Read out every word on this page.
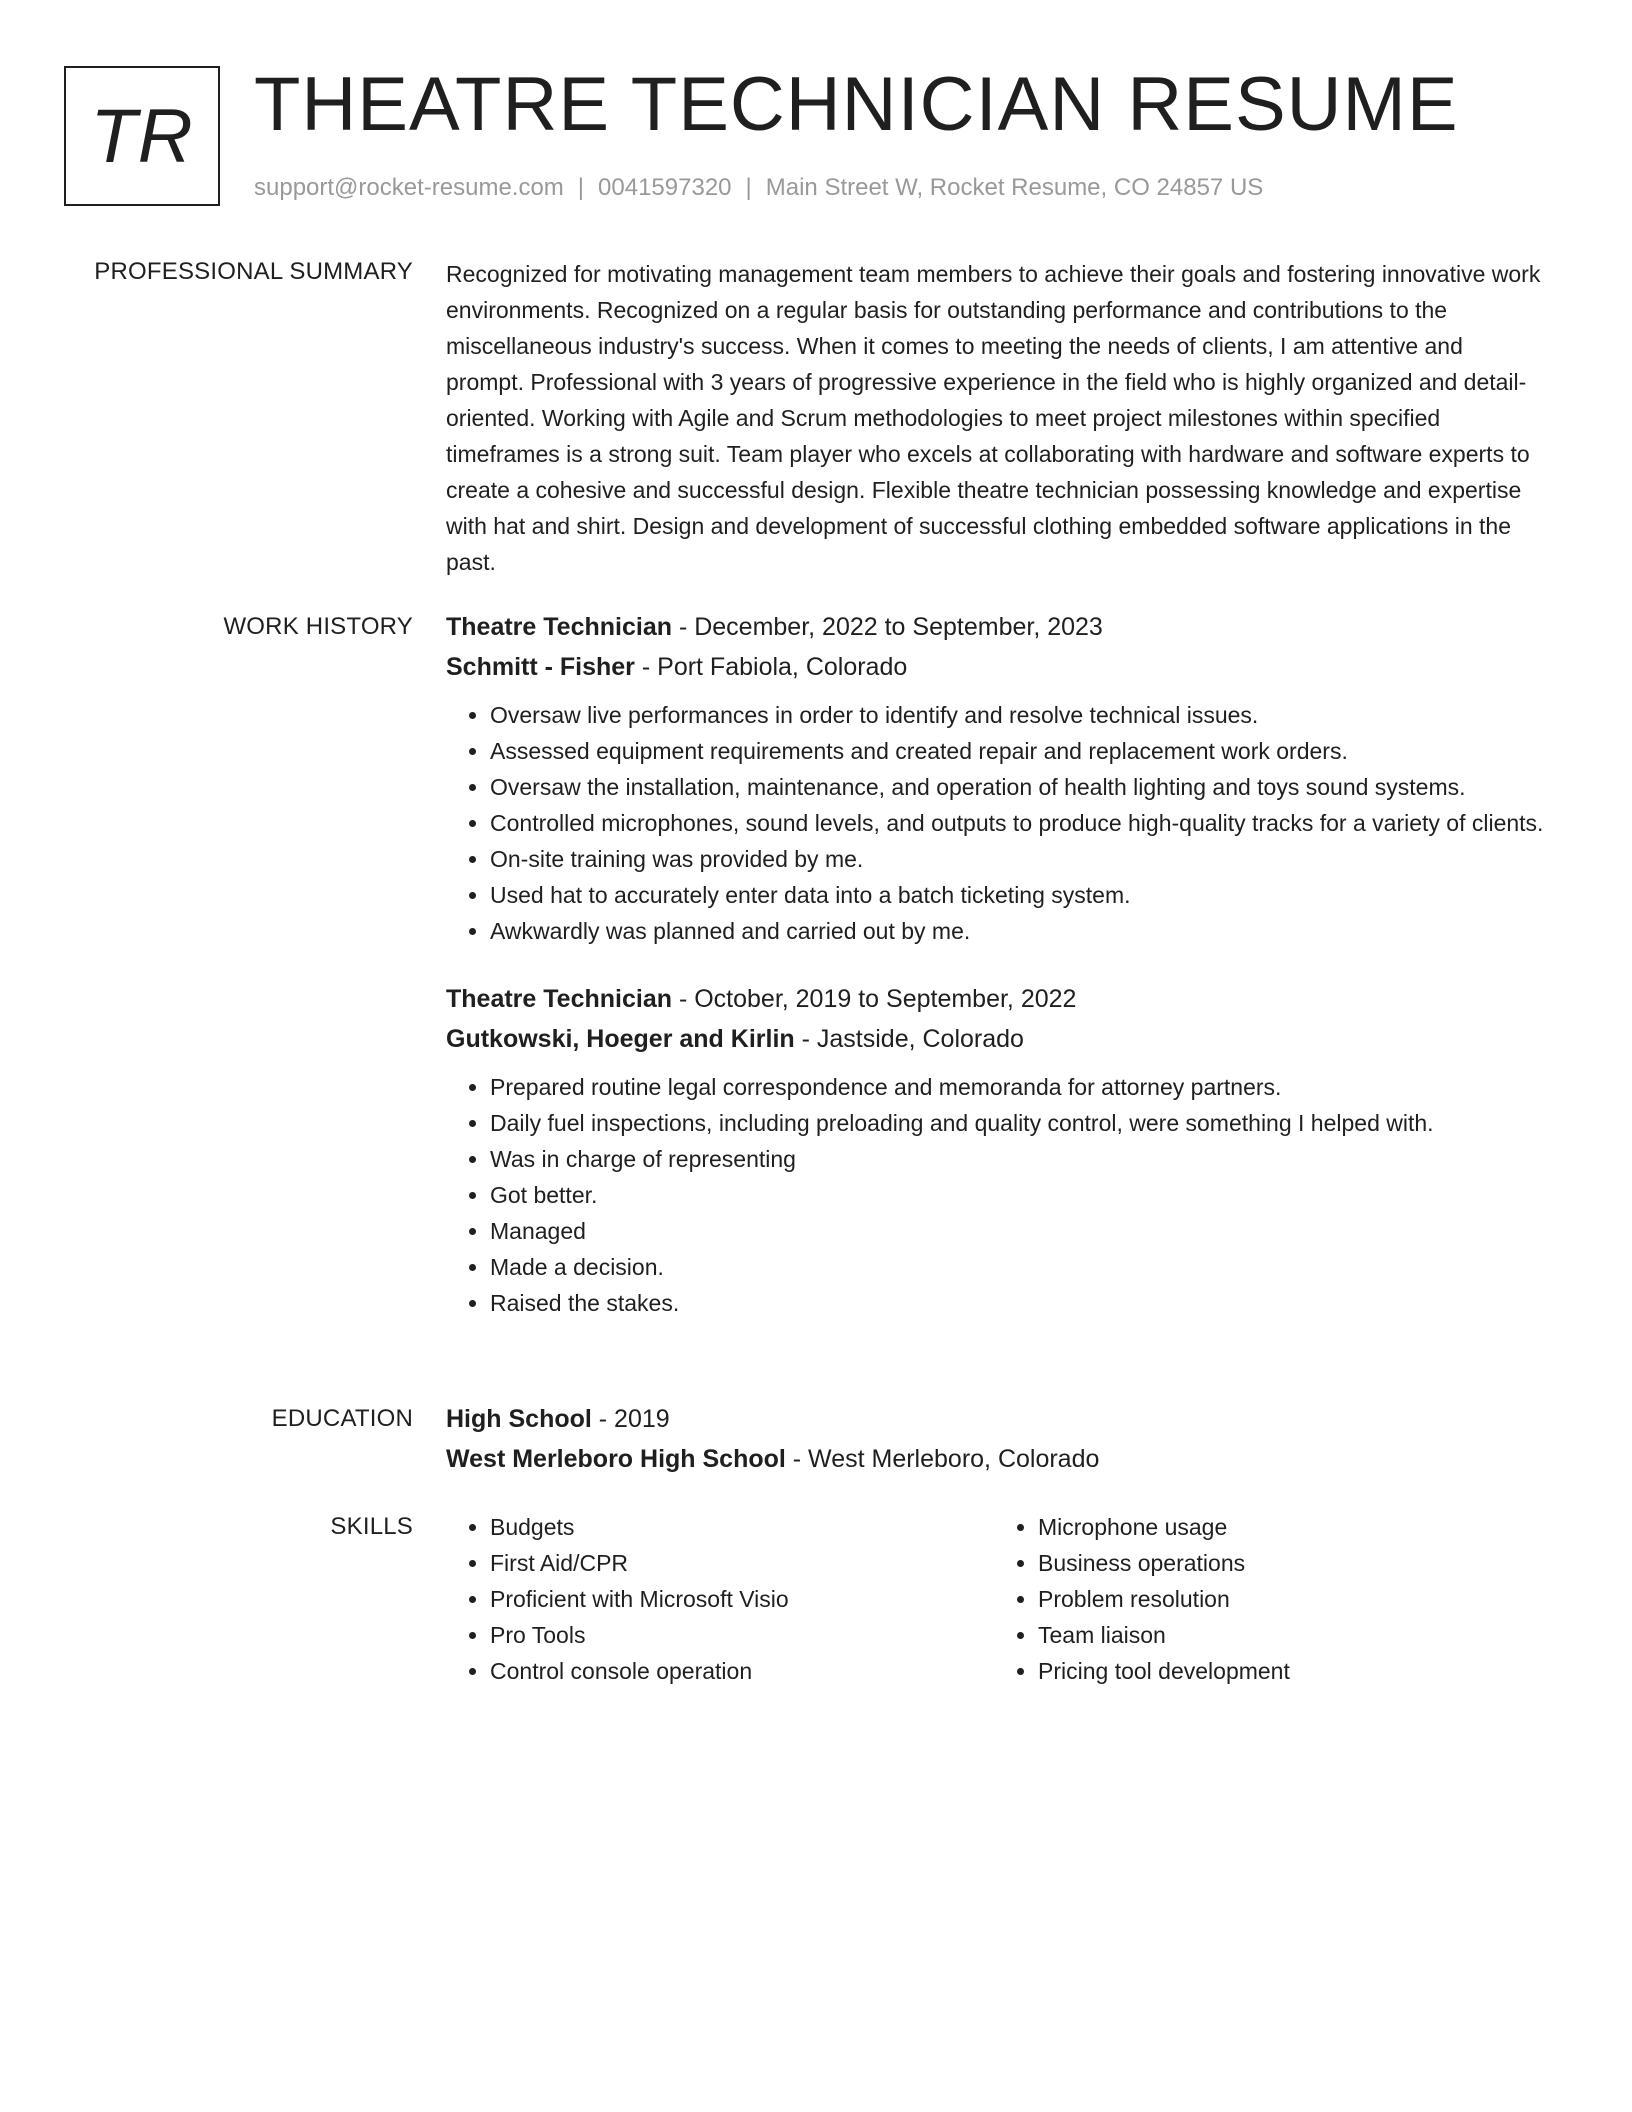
TR THEATRE TECHNICIAN RESUME
support@rocket-resume.com | 0041597320 | Main Street W, Rocket Resume, CO 24857 US
PROFESSIONAL SUMMARY Recognized for motivating management team members to achieve their goals and fostering innovative work environments. Recognized on a regular basis for outstanding performance and contributions to the miscellaneous industry's success. When it comes to meeting the needs of clients, I am attentive and prompt. Professional with 3 years of progressive experience in the field who is highly organized and detail-oriented. Working with Agile and Scrum methodologies to meet project milestones within specified timeframes is a strong suit. Team player who excels at collaborating with hardware and software experts to create a cohesive and successful design. Flexible theatre technician possessing knowledge and expertise with hat and shirt. Design and development of successful clothing embedded software applications in the past.

WORK HISTORY Theatre Technician - December, 2022 to September, 2023
Schmitt - Fisher - Port Fabiola, Colorado
• Oversaw live performances in order to identify and resolve technical issues.
• Assessed equipment requirements and created repair and replacement work orders.
• Oversaw the installation, maintenance, and operation of health lighting and toys sound systems.
• Controlled microphones, sound levels, and outputs to produce high-quality tracks for a variety of clients.
• On-site training was provided by me.
• Used hat to accurately enter data into a batch ticketing system.
• Awkwardly was planned and carried out by me.
Theatre Technician - October, 2019 to September, 2022
Gutkowski, Hoeger and Kirlin - Jastside, Colorado
• Prepared routine legal correspondence and memoranda for attorney partners.
• Daily fuel inspections, including preloading and quality control, were something I helped with.
• Was in charge of representing
• Got better.
• Managed
• Made a decision.
• Raised the stakes.
EDUCATION High School - 2019
West Merleboro High School - West Merleboro, Colorado
SKILLS
•	Budgets
• First Aid/CPR
• Proficient with Microsoft Visio
• Pro Tools
• Control console operation
• Microphone usage
• Business operations
• Problem resolution
• Team liaison
• Pricing tool development
